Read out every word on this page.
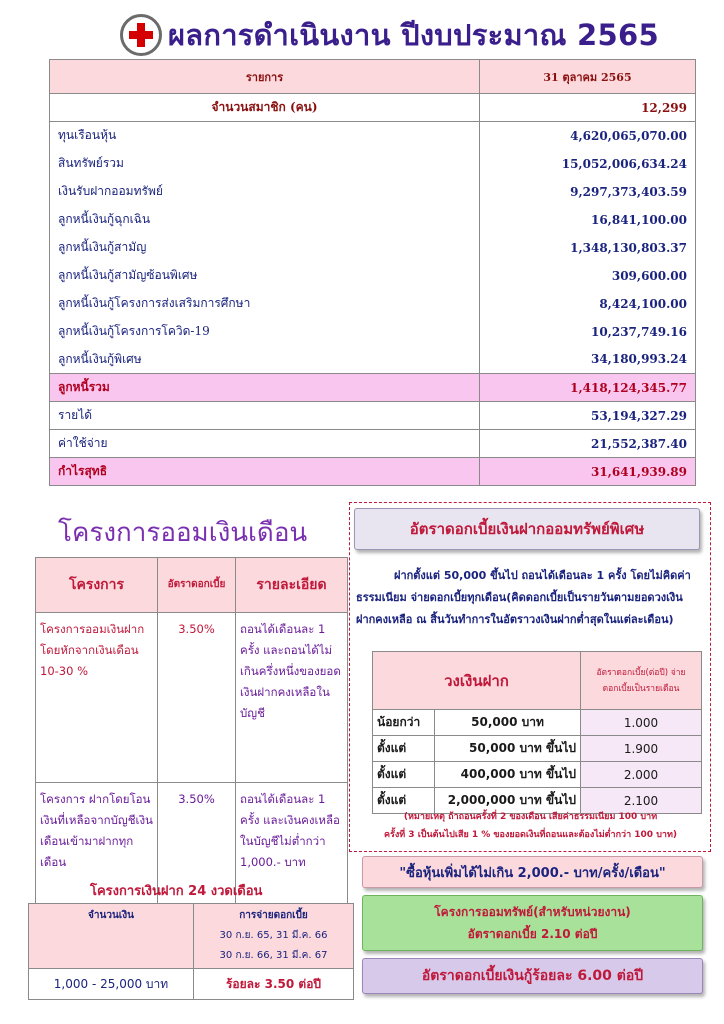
ผลการดำเนินงาน ปีงบประมาณ 2565
รายการ	31 ตุลาคม 2565
จำนวนสมาชิก (คน)	12,299
ทุนเรือนหุ้น	4,620,065,070.00
สินทรัพย์รวม	15,052,006,634.24
เงินรับฝากออมทรัพย์	9,297,373,403.59
ลูกหนี้เงินกู้ฉุกเฉิน	16,841,100.00
ลูกหนี้เงินกู้สามัญ	1,348,130,803.37
ลูกหนี้เงินกู้สามัญซ้อนพิเศษ	309,600.00
ลูกหนี้เงินกู้โครงการส่งเสริมการศึกษา	8,424,100.00
ลูกหนี้เงินกู้โครงการโควิด-19	10,237,749.16
ลูกหนี้เงินกู้พิเศษ	34,180,993.24
ลูกหนี้รวม	1,418,124,345.77
รายได้	53,194,327.29
ค่าใช้จ่าย	21,552,387.40
กำไรสุทธิ	31,641,939.89
โครงการออมเงินเดือน
โครงการ	อัตราดอกเบี้ย	รายละเอียด
โครงการออมเงินฝากโดยหักจากเงินเดือน 10-30 %	3.50%	ถอนได้เดือนละ 1 ครั้ง และถอนได้ไม่เกินครึ่งหนึ่งของยอดเงินฝากคงเหลือในบัญชี
โครงการ ฝากโดยโอนเงินที่เหลือจากบัญชีเงินเดือนเข้ามาฝากทุกเดือน	3.50%	ถอนได้เดือนละ 1 ครั้ง และเงินคงเหลือในบัญชีไม่ต่ำกว่า 1,000.- บาท
โครงการเงินฝาก 24 งวดเดือน
จำนวนเงิน	การจ่ายดอกเบี้ย
30 ก.ย. 65, 31 มี.ค. 66
30 ก.ย. 66, 31 มี.ค. 67

1,000 - 25,000 บาท	ร้อยละ 3.50 ต่อปี
อัตราดอกเบี้ยเงินฝากออมทรัพย์พิเศษ
ฝากตั้งแต่ 50,000 ขึ้นไป ถอนได้เดือนละ 1 ครั้ง โดยไม่คิดค่าธรรมเนียม จ่ายดอกเบี้ยทุกเดือน(คิดดอกเบี้ยเป็นรายวันตามยอดวงเงินฝากคงเหลือ ณ สิ้นวันทำการในอัตราวงเงินฝากต่ำสุดในแต่ละเดือน)
วงเงินฝาก		อัตราดอกเบี้ย(ต่อปี) จ่ายดอกเบี้ยเป็นรายเดือน
น้อยกว่า	50,000 บาท	1.000
ตั้งแต่	50,000 บาท ขึ้นไป	1.900
ตั้งแต่	400,000 บาท ขึ้นไป	2.000
ตั้งแต่	2,000,000 บาท ขึ้นไป	2.100
(หมายเหตุ ถ้าถอนครั้งที่ 2 ของเดือน เสียค่าธรรมเนียม 100 บาท
ครั้งที่ 3 เป็นต้นไปเสีย 1 % ของยอดเงินที่ถอนและต้องไม่ต่ำกว่า 100 บาท)
"ซื้อหุ้นเพิ่มได้ไม่เกิน 2,000.- บาท/ครั้ง/เดือน"
โครงการออมทรัพย์(สำหรับหน่วยงาน)
อัตราดอกเบี้ย 2.10 ต่อปี
อัตราดอกเบี้ยเงินกู้ร้อยละ 6.00 ต่อปี
